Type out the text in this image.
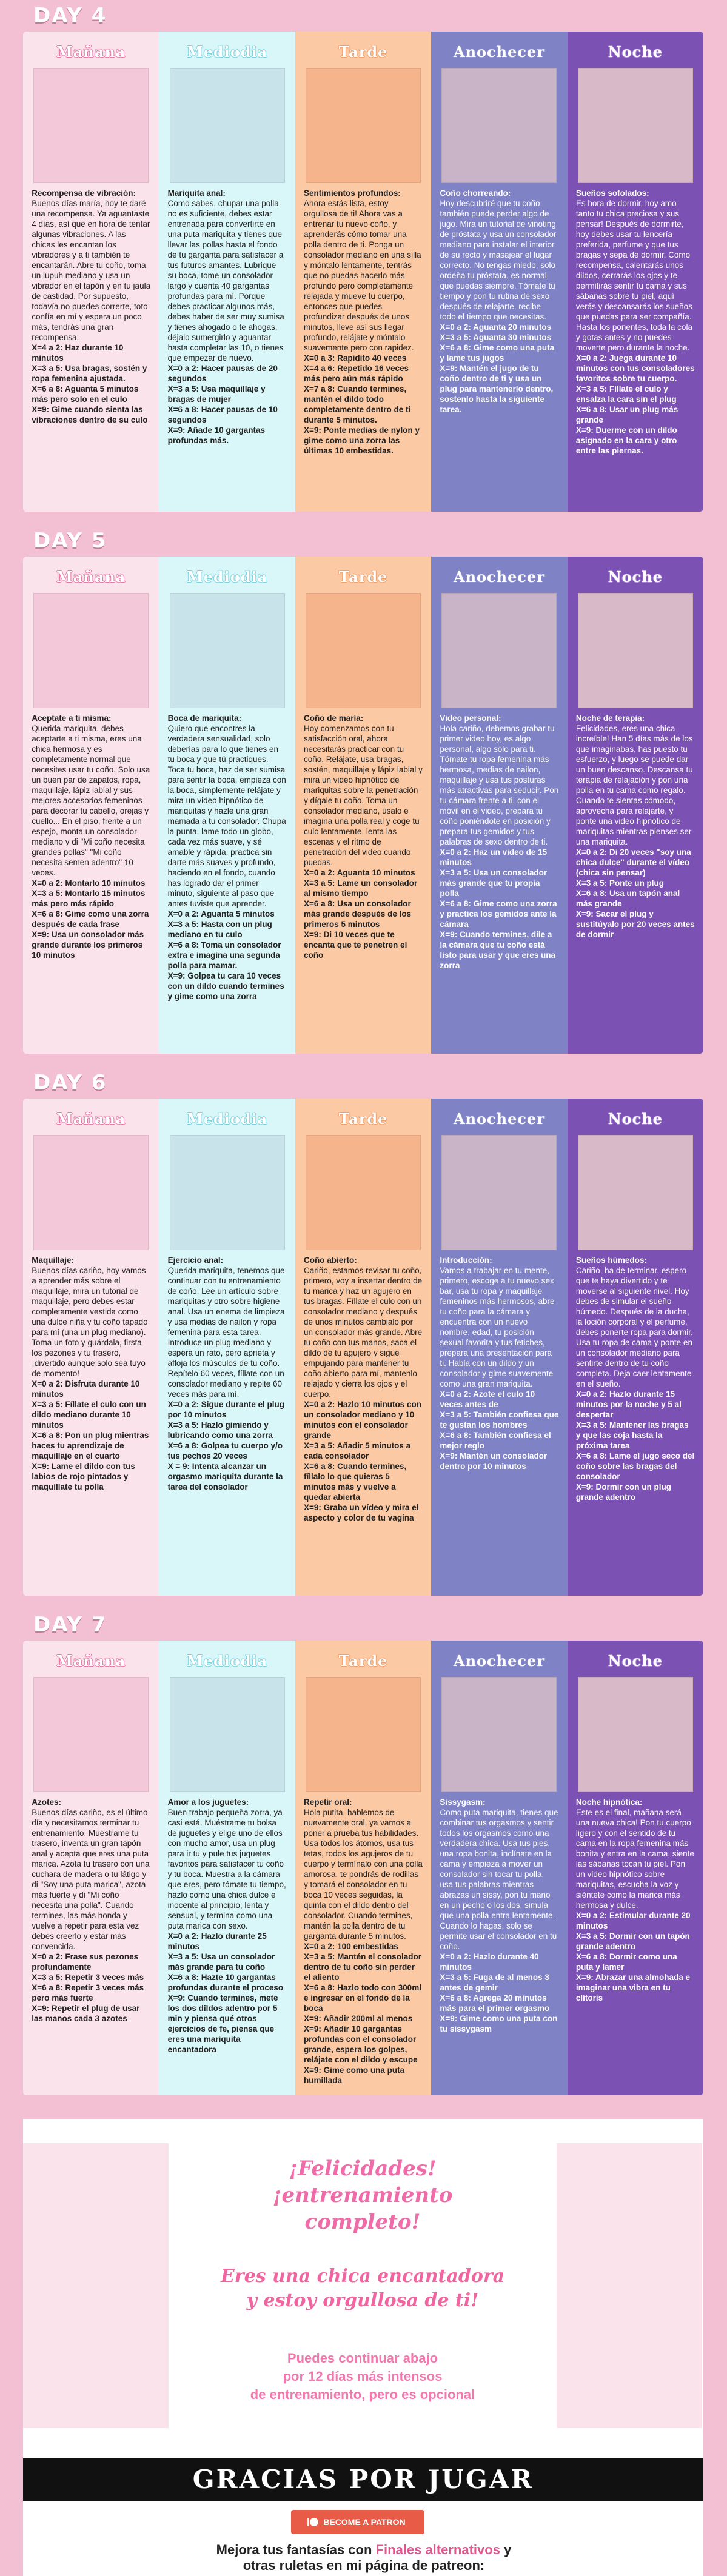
DAY 4
Mañana
Recompensa de vibración:
Buenos días maría, hoy te daré una recompensa. Ya aguantaste 4 días, así que en hora de tentar algunas vibraciones. A las chicas les encantan los vibradores y a ti también te encantarán. Abre tu coño, toma un lupuh mediano y usa un vibrador en el tapón y en tu jaula de castidad. Por supuesto, todavía no puedes correrte, toto confía en mí y espera un poco más, tendrás una gran recompensa.
X=4 a 2: Haz durante 10 minutos
X=3 a 5: Usa bragas, sostén y ropa femenina ajustada.
X=6 a 8: Aguanta 5 minutos más pero solo en el culo
X=9: Gime cuando sienta las vibraciones dentro de su culo
Mediodia
Mariquita anal:
Como sabes, chupar una polla no es suficiente, debes estar entrenada para convertirte en una puta mariquita y tienes que llevar las pollas hasta el fondo de tu garganta para satisfacer a tus futuros amantes. Lubrique su boca, tome un consolador largo y cuenta 40 gargantas profundas para mí. Porque debes practicar algunos más, debes haber de ser muy sumisa y tienes ahogado o te ahogas, déjalo sumergirlo y aguantar hasta completar las 10, o tienes que empezar de nuevo.
X=0 a 2: Hacer pausas de 20 segundos
X=3 a 5: Usa maquillaje y bragas de mujer
X=6 a 8: Hacer pausas de 10 segundos
X=9: Añade 10 gargantas profundas más.
Tarde
Sentimientos profundos:
Ahora estás lista, estoy orgullosa de ti! Ahora vas a entrenar tu nuevo coño, y aprenderás cómo tomar una polla dentro de ti. Ponga un consolador mediano en una silla y móntalo lentamente, tentrás que no puedas hacerlo más profundo pero completamente relajada y mueve tu cuerpo, entonces que puedes profundizar después de unos minutos, lleve así sus llegar profundo, relájate y móntalo suavemente pero con rapidez.
X=0 a 3: Rapidito 40 veces
X=4 a 6: Repetido 16 veces más pero aún más rápido
X=7 a 8: Cuando termines, mantén el dildo todo completamente dentro de ti durante 5 minutos.
X=9: Ponte medias de nylon y gime como una zorra las últimas 10 embestidas.
Anochecer
Coño chorreando:
Hoy descubriré que tu coño también puede perder algo de jugo. Mira un tutorial de vinoting de próstata y usa un consolador mediano para instalar el interior de su recto y masajear el lugar correcto. No tengas miedo, solo ordeña tu próstata, es normal que puedas siempre. Tómate tu tiempo y pon tu rutina de sexo después de relajarte, recibe todo el tiempo que necesitas.
X=0 a 2: Aguanta 20 minutos
X=3 a 5: Aguanta 30 minutos
X=6 a 8: Gime como una puta y lame tus jugos
X=9: Mantén el jugo de tu coño dentro de ti y usa un plug para mantenerlo dentro, sostenlo hasta la siguiente tarea.
Noche
Sueños sofolados:
Es hora de dormir, hoy amo tanto tu chica preciosa y sus pensar! Después de dormirte, hoy debes usar tu lencería preferida, perfume y que tus bragas y sepa de dormir. Como recompensa, calentarás unos dildos, cerrarás los ojos y te permitirás sentir tu cama y sus sábanas sobre tu piel, aquí verás y descansarás los sueños que puedas para ser compañía. Hasta los ponentes, toda la cola y gotas antes y no puedes moverte pero durante la noche.
X=0 a 2: Juega durante 10 minutos con tus consoladores favoritos sobre tu cuerpo.
X=3 a 5: Fíllate el culo y ensalza la cara sin el plug
X=6 a 8: Usar un plug más grande
X=9: Duerme con un dildo asignado en la cara y otro entre las piernas.
DAY 5
Mañana
Aceptate a ti misma:
Querida mariquita, debes aceptarte a ti misma, eres una chica hermosa y es completamente normal que necesites usar tu coño. Solo usa un buen par de zapatos, ropa, maquillaje, lápiz labial y sus mejores accesorios femeninos para decorar tu cabello, orejas y cuello... En el piso, frente a un espejo, monta un consolador mediano y di "Mi coño necesita grandes pollas" "Mi coño necesita semen adentro" 10 veces.
X=0 a 2: Montarlo 10 minutos
X=3 a 5: Montarlo 15 minutos más pero más rápido
X=6 a 8: Gime como una zorra después de cada frase
X=9: Usa un consolador más grande durante los primeros 10 minutos
Mediodia
Boca de mariquita:
Quiero que encontres la verdadera sensualidad, solo deberías para lo que tienes en tu boca y que tú practiques. Toca tu boca, haz de ser sumisa para sentir la boca, empieza con la boca, simplemente relájate y mira un video hipnótico de mariquitas y hazle una gran mamada a tu consolador. Chupa la punta, lame todo un globo, cada vez más suave, y sé amable y rápida, practica sin darte más suaves y profundo, haciendo en el fondo, cuando has logrado dar el primer minuto, siguiente al paso que antes tuviste que aprender.
X=0 a 2: Aguanta 5 minutos
X=3 a 5: Hasta con un plug mediano en tu culo
X=6 a 8: Toma un consolador extra e imagina una segunda polla para mamar.
X=9: Golpea tu cara 10 veces con un dildo cuando termines y gime como una zorra
Tarde
Coño de maría:
Hoy comenzamos con tu satisfacción oral, ahora necesitarás practicar con tu coño. Relájate, usa bragas, sostén, maquillaje y lápiz labial y mira un video hipnótico de mariquitas sobre la penetración y dígale tu coño. Toma un consolador mediano, úsalo e imagina una polla real y coge tu culo lentamente, lenta las escenas y el ritmo de penetración del video cuando puedas.
X=0 a 2: Aguanta 10 minutos
X=3 a 5: Lame un consolador al mismo tiempo
X=6 a 8: Usa un consolador más grande después de los primeros 5 minutos
X=9: Di 10 veces que te encanta que te penetren el coño
Anochecer
Video personal:
Hola cariño, debemos grabar tu primer video hoy, es algo personal, algo sólo para ti. Tómate tu ropa femenina más hermosa, medias de nailon, maquillaje y usa tus posturas más atractivas para seducir. Pon tu cámara frente a ti, con el móvil en el video, prepara tu coño poniéndote en posición y prepara tus gemidos y tus palabras de sexo dentro de ti.
X=0 a 2: Haz un video de 15 minutos
X=3 a 5: Usa un consolador más grande que tu propia polla
X=6 a 8: Gime como una zorra y practica los gemidos ante la cámara
X=9: Cuando termines, dile a la cámara que tu coño está listo para usar y que eres una zorra
Noche
Noche de terapia:
Felicidades, eres una chica increíble! Han 5 días más de los que imaginabas, has puesto tu esfuerzo, y luego se puede dar un buen descanso. Descansa tu terapia de relajación y pon una polla en tu cama como regalo. Cuando te sientas cómodo, aprovecha para relajarte, y ponte una video hipnótico de mariquitas mientras pienses ser una mariquita.
X=0 a 2: Di 20 veces "soy una chica dulce" durante el vídeo (chica sin pensar)
X=3 a 5: Ponte un plug
X=6 a 8: Usa un tapón anal más grande
X=9: Sacar el plug y sustitúyalo por 20 veces antes de dormir
DAY 6
Mañana
Maquillaje:
Buenos días cariño, hoy vamos a aprender más sobre el maquillaje, mira un tutorial de maquillaje, pero debes estar completamente vestida como una dulce niña y tu coño tapado para mí (una un plug mediano). Toma un foto y guárdala, firsta los pezones y tu trasero, ¡divertido aunque solo sea tuyo de momento!
X=0 a 2: Disfruta durante 10 minutos
X=3 a 5: Fíllate el culo con un dildo mediano durante 10 minutos
X=6 a 8: Pon un plug mientras haces tu aprendizaje de maquillaje en el cuarto
X=9: Lame el dildo con tus labios de rojo pintados y maquíllate tu polla
Mediodia
Ejercicio anal:
Querida mariquita, tenemos que continuar con tu entrenamiento de coño. Lee un artículo sobre mariquitas y otro sobre higiene anal. Usa un enema de limpieza y usa medias de nailon y ropa femenina para esta tarea. Introduce un plug mediano y espera un rato, pero aprieta y afloja los músculos de tu coño. Repítelo 60 veces, fíllate con un consolador mediano y repite 60 veces más para mí.
X=0 a 2: Sigue durante el plug por 10 minutos
X=3 a 5: Hazlo gimiendo y lubricando como una zorra
X=6 a 8: Golpea tu cuerpo y/o tus pechos 20 veces
X = 9: Intenta alcanzar un orgasmo mariquita durante la tarea del consolador
Tarde
Coño abierto:
Cariño, estamos revisar tu coño, primero, voy a insertar dentro de tu marica y haz un agujero en tus bragas. Fíllate el culo con un consolador mediano y después de unos minutos cambialo por un consolador más grande. Abre tu coño con tus manos, saca el dildo de tu agujero y sigue empujando para mantener tu coño abierto para mí, mantenlo relajado y cierra los ojos y el cuerpo.
X=0 a 2: Hazlo 10 minutos con un consolador mediano y 10 minutos con el consolador grande
X=3 a 5: Añadir 5 minutos a cada consolador
X=6 a 8: Cuando termines, fíllalo lo que quieras 5 minutos más y vuelve a quedar abierta
X=9: Graba un vídeo y mira el aspecto y color de tu vagina
Anochecer
Introducción:
Vamos a trabajar en tu mente, primero, escoge a tu nuevo sex bar, usa tu ropa y maquillaje femeninos más hermosos, abre tu coño para la cámara y encuentra con un nuevo nombre, edad, tu posición sexual favorita y tus fetiches, prepara una presentación para ti. Habla con un dildo y un consolador y gime suavemente como una gran mariquita.
X=0 a 2: Azote el culo 10 veces antes de
X=3 a 5: También confiesa que te gustan los hombres
X=6 a 8: También confiesa el mejor reglo
X=9: Mantén un consolador dentro por 10 minutos
Noche
Sueños húmedos:
Cariño, ha de terminar, espero que te haya divertido y te moverse al siguiente nivel. Hoy debes de simular el sueño húmedo. Después de la ducha, la loción corporal y el perfume, debes ponerte ropa para dormir. Usa tu ropa de cama y ponte en un consolador mediano para sentirte dentro de tu coño completa. Deja caer lentamente en el sueño.
X=0 a 2: Hazlo durante 15 minutos por la noche y 5 al despertar
X=3 a 5: Mantener las bragas y que las coja hasta la próxima tarea
X=6 a 8: Lame el jugo seco del coño sobre las bragas del consolador
X=9: Dormir con un plug grande adentro
DAY 7
Mañana
Azotes:
Buenos días cariño, es el último día y necesitamos terminar tu entrenamiento. Muéstrame tu trasero, inventa un gran tapón anal y acepta que eres una puta marica. Azota tu trasero con una cuchara de madera o tu látigo y di "Soy una puta marica", azota más fuerte y di "Mi coño necesita una polla". Cuando termines, las más honda y vuelve a repetir para esta vez debes creerlo y estar más convencida.
X=0 a 2: Frase sus pezones profundamente
X=3 a 5: Repetir 3 veces más
X=6 a 8: Repetir 3 veces más pero más fuerte
X=9: Repetir el plug de usar las manos cada 3 azotes
Mediodia
Amor a los juguetes:
Buen trabajo pequeña zorra, ya casi está. Muéstrame tu bolsa de juguetes y elige uno de ellos con mucho amor, usa un plug para ir tu y pule tus juguetes favoritos para satisfacer tu coño y tu boca. Muestra a la cámara que eres, pero tómate tu tiempo, hazlo como una chica dulce e inocente al principio, lenta y sensual, y termina como una puta marica con sexo.
X=0 a 2: Hazlo durante 25 minutos
X=3 a 5: Usa un consolador más grande para tu coño
X=6 a 8: Hazte 10 gargantas profundas durante el proceso
X=9: Cuando termines, mete los dos dildos adentro por 5 min y piensa qué otros ejercicios de fe, piensa que eres una mariquita encantadora
Tarde
Repetir oral:
Hola putita, hablemos de nuevamente oral, ya vamos a poner a prueba tus habilidades. Usa todos los átomos, usa tus tetas, todos los agujeros de tu cuerpo y termínalo con una polla amorosa, te pondrás de rodillas y tomará el consolador en tu boca 10 veces seguidas, la quinta con el dildo dentro del consolador. Cuando termines, mantén la polla dentro de tu garganta durante 5 minutos.
X=0 a 2: 100 embestidas
X=3 a 5: Mantén el consolador dentro de tu coño sin perder el aliento
X=6 a 8: Hazlo todo con 300ml e ingresar en el fondo de la boca
X=9: Añadir 200ml al menos
X=9: Añadir 10 gargantas profundas con el consolador grande, espera los golpes, relájate con el dildo y escupe
X=9: Gime como una puta humillada
Anochecer
Sissygasm:
Como puta mariquita, tienes que combinar tus orgasmos y sentir todos los orgasmos como una verdadera chica. Usa tus pies, una ropa bonita, inclínate en la cama y empieza a mover un consolador sin tocar tu polla, usa tus palabras mientras abrazas un sissy, pon tu mano en un pecho o los dos, simula que una polla entra lentamente. Cuando lo hagas, solo se permite usar el consolador en tu coño.
X=0 a 2: Hazlo durante 40 minutos
X=3 a 5: Fuga de al menos 3 antes de gemir
X=6 a 8: Agrega 20 minutos más para el primer orgasmo
X=9: Gime como una puta con tu sissygasm
Noche
Noche hipnótica:
Este es el final, mañana será una nueva chica! Pon tu cuerpo ligero y con el sentido de tu cama en la ropa femenina más bonita y entra en la cama, siente las sábanas tocan tu piel. Pon un video hipnótico sobre mariquitas, escucha la voz y siéntete como la marica más hermosa y dulce.
X=0 a 2: Estimular durante 20 minutos
X=3 a 5: Dormir con un tapón grande adentro
X=6 a 8: Dormir como una puta y lamer
X=9: Abrazar una almohada e imaginar una vibra en tu clítoris
¡Felicidades!
¡entrenamiento
completo!
Eres una chica encantadora
y estoy orgullosa de ti!
Puedes continuar abajo
por 12 días más intensos
de entrenamiento, pero es opcional
GRACIAS POR JUGAR
BECOME A PATRON
Mejora tus fantasías con Finales alternativos y
otras ruletas en mi página de patreon:
